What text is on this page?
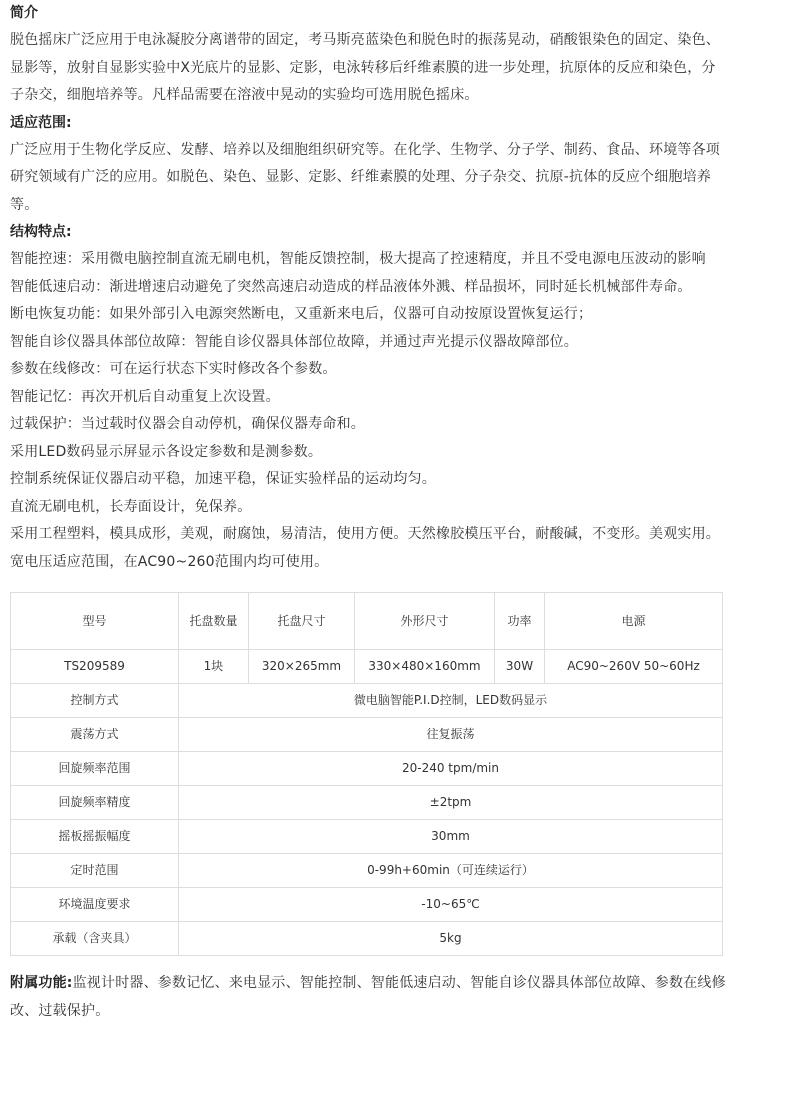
简介

脱色摇床广泛应用于电泳凝胶分离谱带的固定，考马斯亮蓝染色和脱色时的振荡晃动，硝酸银染色的固定、染色、显影等，放射自显影实验中X光底片的显影、定影，电泳转移后纤维素膜的进一步处理，抗原体的反应和染色，分子杂交，细胞培养等。凡样品需要在溶液中晃动的实验均可选用脱色摇床。

适应范围:

广泛应用于生物化学反应、发酵、培养以及细胞组织研究等。在化学、生物学、分子学、制药、食品、环境等各项研究领域有广泛的应用。如脱色、染色、显影、定影、纤维素膜的处理、分子杂交、抗原-抗体的反应个细胞培养等。

结构特点:

智能控速：采用微电脑控制直流无刷电机，智能反馈控制，极大提高了控速精度，并且不受电源电压波动的影响

智能低速启动：渐进增速启动避免了突然高速启动造成的样品液体外溅、样品损坏，同时延长机械部件寿命。

断电恢复功能：如果外部引入电源突然断电，又重新来电后，仪器可自动按原设置恢复运行；

智能自诊仪器具体部位故障：智能自诊仪器具体部位故障，并通过声光提示仪器故障部位。

参数在线修改：可在运行状态下实时修改各个参数。

智能记忆：再次开机后自动重复上次设置。

过载保护：当过载时仪器会自动停机，确保仪器寿命和。

采用LED数码显示屏显示各设定参数和是测参数。

控制系统保证仪器启动平稳，加速平稳，保证实验样品的运动均匀。

直流无刷电机，长寿面设计，免保养。

采用工程塑料，模具成形，美观，耐腐蚀，易清洁，使用方便。天然橡胶模压平台，耐酸碱，不变形。美观实用。

宽电压适应范围，在AC90~260范围内均可使用。

型号	托盘数量	托盘尺寸	外形尺寸	功率	电源
TS209589	1块	320×265mm	330×480×160mm	30W	AC90~260V 50~60Hz
控制方式	微电脑智能P.I.D控制，LED数码显示				
震荡方式	往复振荡				
回旋频率范围	20-240 tpm/min				
回旋频率精度	±2tpm				
摇板摇振幅度	30mm				
定时范围	0-99h+60min（可连续运行）				
环境温度要求	-10~65℃				
承载（含夹具）	5kg				

附属功能:监视计时器、参数记忆、来电显示、智能控制、智能低速启动、智能自诊仪器具体部位故障、参数在线修改、过载保护。
